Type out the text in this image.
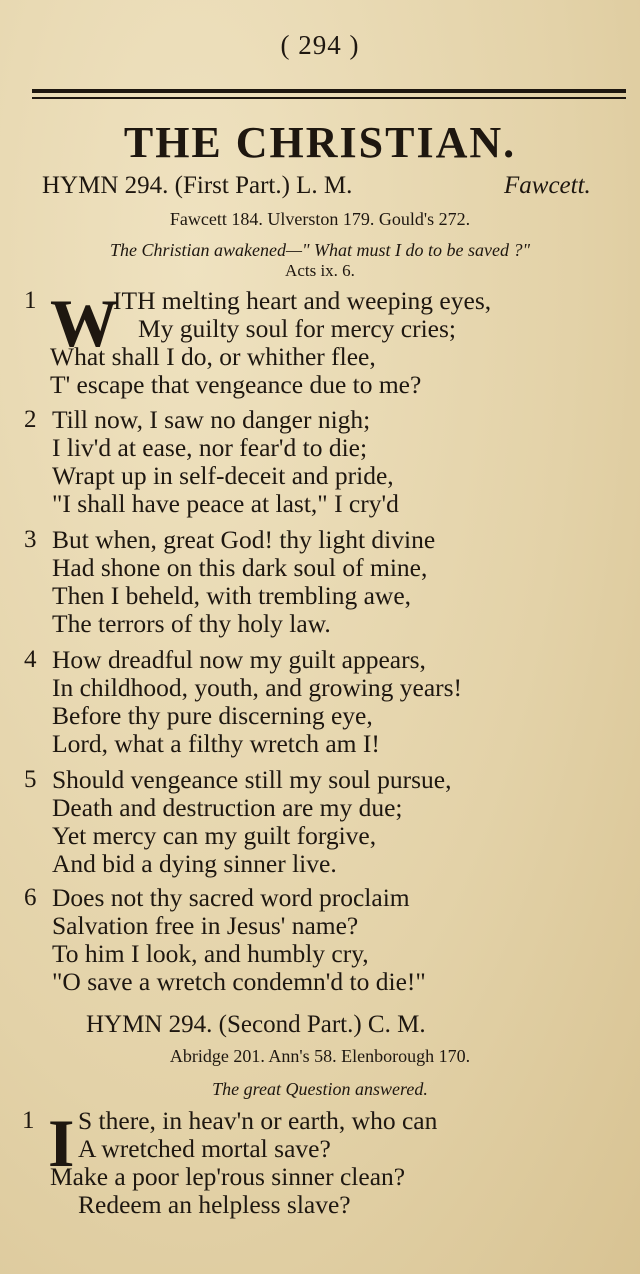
( 294 )
THE CHRISTIAN.
HYMN 294. (First Part.) L. M.	Fawcett.
Fawcett 184. Ulverston 179. Gould's 272.
The Christian awakened—" What must I do to be saved ?"
Acts ix. 6.
1 W
ITH melting heart and weeping eyes,
My guilty soul for mercy cries;
What shall I do, or whither flee,
T' escape that vengeance due to me?
2 Till now, I saw no danger nigh;
I liv'd at ease, nor fear'd to die;
Wrapt up in self-deceit and pride,
"I shall have peace at last," I cry'd
3 But when, great God! thy light divine
Had shone on this dark soul of mine,
Then I beheld, with trembling awe,
The terrors of thy holy law.
4 How dreadful now my guilt appears,
In childhood, youth, and growing years!
Before thy pure discerning eye,
Lord, what a filthy wretch am I!
5 Should vengeance still my soul pursue,
Death and destruction are my due;
Yet mercy can my guilt forgive,
And bid a dying sinner live.
6 Does not thy sacred word proclaim
Salvation free in Jesus' name?
To him I look, and humbly cry,
"O save a wretch condemn'd to die!"
HYMN 294. (Second Part.) C. M.
Abridge 201. Ann's 58. Elenborough 170.
The great Question answered.
1 I S there, in heav'n or earth, who can
A wretched mortal save?
Make a poor lep'rous sinner clean?
Redeem an helpless slave?
